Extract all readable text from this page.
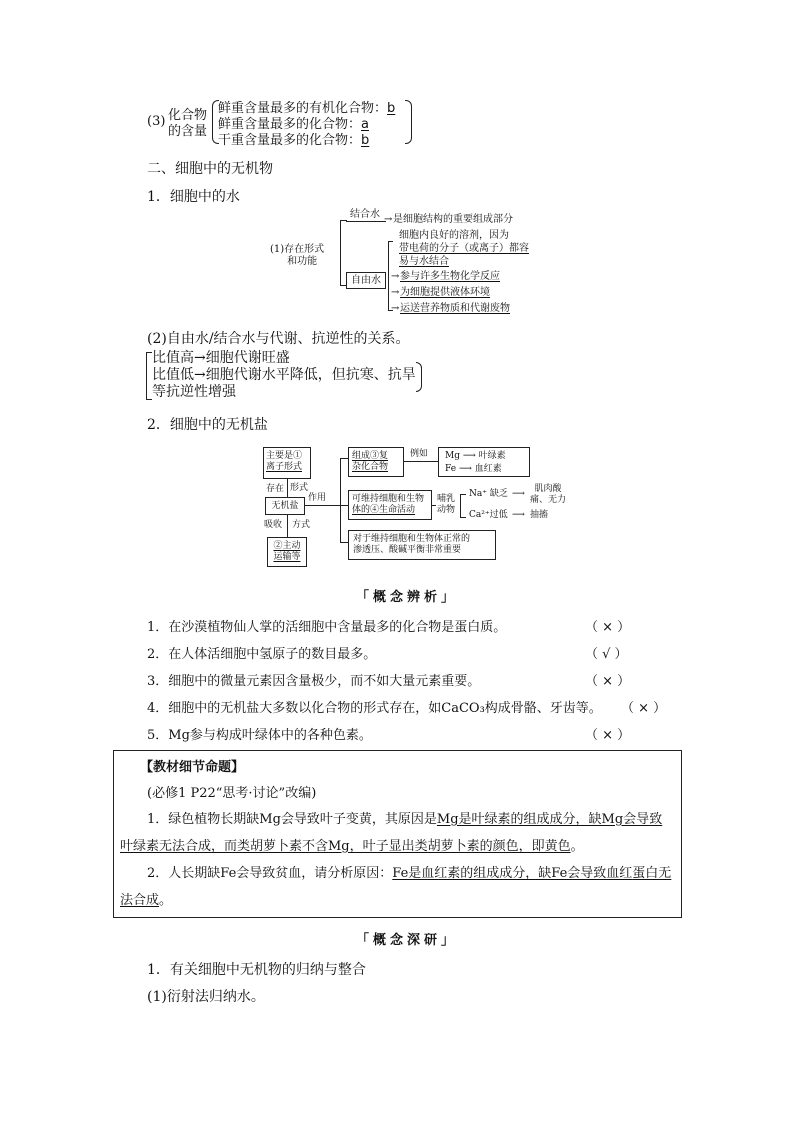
(3) 化合物
的含量
鲜重含量最多的有机化合物：b
鲜重含量最多的化合物：a
干重含量最多的化合物：b
二、细胞中的无机物
1．细胞中的水
(1)存在形式
和功能
结合水 → 是细胞结构的重要组成部分
自由水
细胞内良好的溶剂，因为
带电荷的分子（或离子）都容
易与水结合
→ 参与许多生物化学反应
→ 为细胞提供液体环境
→ 运送营养物质和代谢废物
(2)自由水/结合水与代谢、抗逆性的关系。
比值高→细胞代谢旺盛
比值低→细胞代谢水平降低，但抗寒、抗旱
等抗逆性增强
2．细胞中的无机盐
主要是①
离子形式
存在 形式
无机盐
作用
吸收 方式
②主动
运输等
组成③复
杂化合物
例如 Mg ⟶ 叶绿素
Fe ⟶ 血红素
可维持细胞和生物
体的④生命活动
哺乳
动物
Na⁺ 缺乏 ⟶	肌肉酸
痛、无力
Ca²⁺过低 ⟶ 抽搐
对于维持细胞和生物体正常的
渗透压、酸碱平衡非常重要
「概念辨析」
1．在沙漠植物仙人掌的活细胞中含量最多的化合物是蛋白质。	（ × ）
2．在人体活细胞中氢原子的数目最多。	（ √ ）
3．细胞中的微量元素因含量极少，而不如大量元素重要。	（ × ）
4．细胞中的无机盐大多数以化合物的形式存在，如CaCO₃构成骨骼、牙齿等。 （ × ）
5．Mg参与构成叶绿体中的各种色素。	（ × ）
【教材细节命题】
(必修1 P22“思考·讨论”改编)
1．绿色植物长期缺Mg会导致叶子变黄，其原因是Mg是叶绿素的组成成分，缺Mg会导致叶绿素无法合成，而类胡萝卜素不含Mg，叶子显出类胡萝卜素的颜色，即黄色。
2．人长期缺Fe会导致贫血，请分析原因：Fe是血红素的组成成分，缺Fe会导致血红蛋白无法合成。
「概念深研」
1．有关细胞中无机物的归纳与整合
(1)衍射法归纳水。
